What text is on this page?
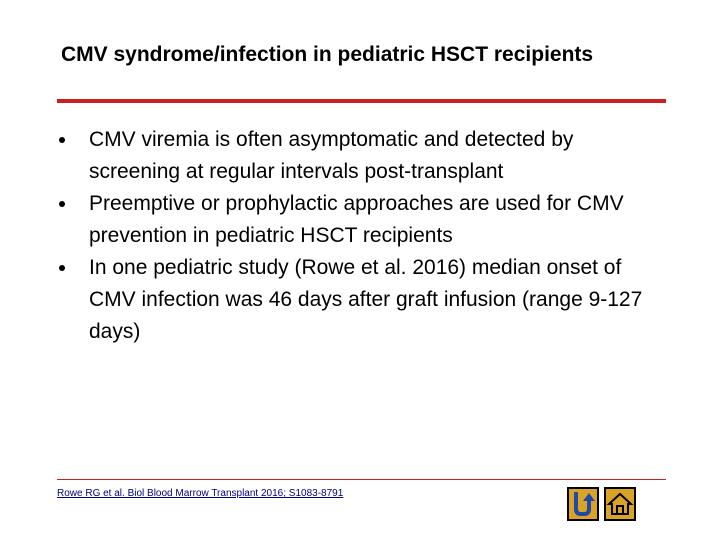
CMV syndrome/infection in pediatric HSCT recipients
CMV viremia is often asymptomatic and detected by screening at regular intervals post-transplant
Preemptive or prophylactic approaches are used for CMV prevention in pediatric HSCT recipients
In one pediatric study (Rowe et al. 2016) median onset of CMV infection was 46 days after graft infusion (range 9-127 days)
Rowe RG et al. Biol Blood Marrow Transplant 2016; S1083-8791
